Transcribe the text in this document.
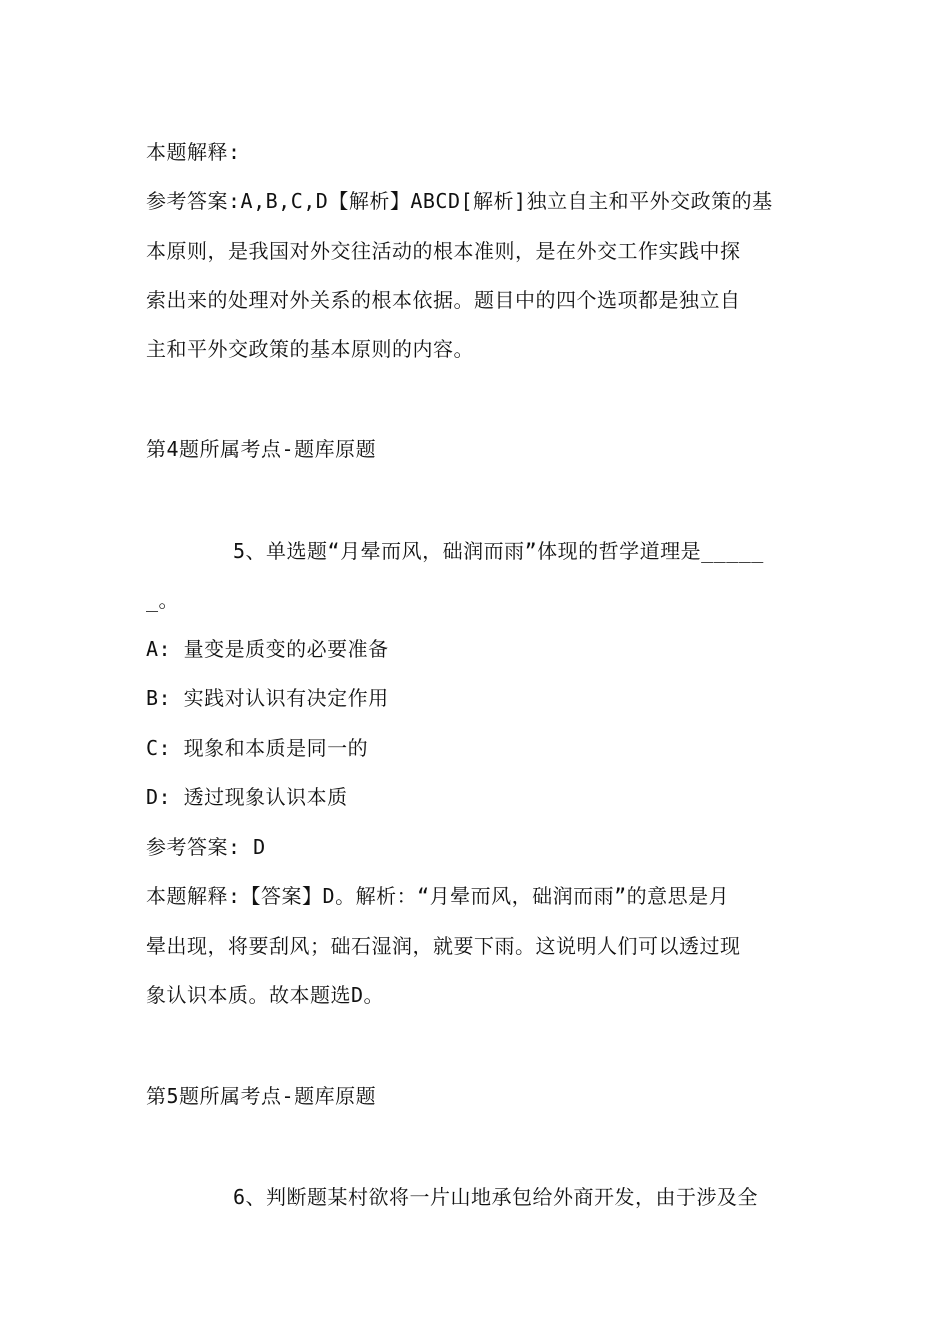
本题解释:
参考答案:A,B,C,D【解析】ABCD[解析]独立自主和平外交政策的基
本原则，是我国对外交往活动的根本准则，是在外交工作实践中探
索出来的处理对外关系的根本依据。题目中的四个选项都是独立自
主和平外交政策的基本原则的内容。
第4题所属考点-题库原题
5、单选题“月晕而风，础润而雨”体现的哲学道理是_____
_。
A: 量变是质变的必要准备
B: 实践对认识有决定作用
C: 现象和本质是同一的
D: 透过现象认识本质
参考答案: D
本题解释:【答案】D。解析：“月晕而风，础润而雨”的意思是月
晕出现，将要刮风；础石湿润，就要下雨。这说明人们可以透过现
象认识本质。故本题选D。
第5题所属考点-题库原题
6、判断题某村欲将一片山地承包给外商开发，由于涉及全
